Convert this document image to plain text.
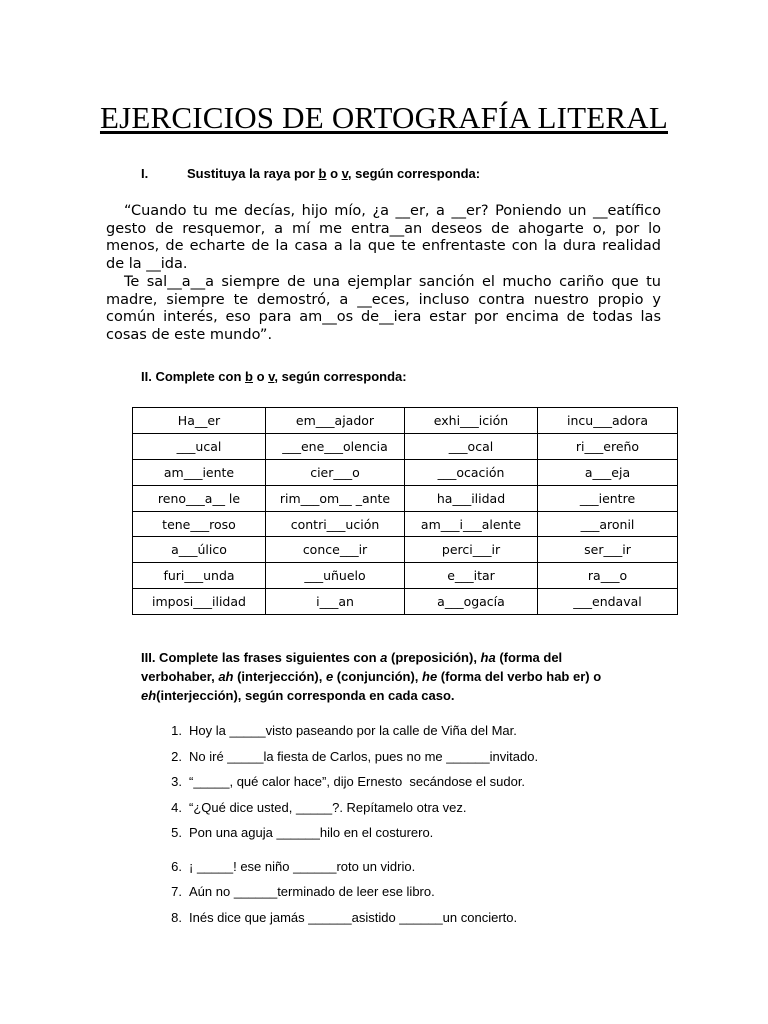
EJERCICIOS DE ORTOGRAFÍA LITERAL

I.	Sustituya la raya por b o v, según corresponda:

“Cuando tu me decías, hijo mío, ¿a __er, a __er? Poniendo un __eatífico gesto de resquemor, a mí me entra__an deseos de ahogarte o, por lo menos, de echarte de la casa a la que te enfrentaste con la dura realidad de la __ida.

Te sal__a__a siempre de una ejemplar sanción el mucho cariño que tu madre, siempre te demostró, a __eces, incluso contra nuestro propio y común interés, eso para am__os de__iera estar por encima de todas las cosas de este mundo”.

II. Complete con b o v, según corresponda:

Ha__er	em___ajador	exhi___ición	incu___adora
___ucal	___ene___olencia	___ocal	ri___ereño
am___iente	cier___o	___ocación	a___eja
reno___a__ le	rim___om__ _ante	ha___ilidad	___ientre
tene___roso	contri___ución	am___i___alente	___aronil
a___úlico	conce___ir	perci___ir	ser___ir
furi___unda	___uñuelo	e___itar	ra___o
imposi___ilidad	i___an	a___ogacía	___endaval

III. Complete las frases siguientes con a (preposición), ha (forma del verbohaber, ah (interjección), e (conjunción), he (forma del verbo hab er) o eh(interjección), según corresponda en cada caso.

1. Hoy la _____visto paseando por la calle de Viña del Mar.
2. No iré _____la fiesta de Carlos, pues no me ______invitado.
3. “_____, qué calor hace”, dijo Ernesto  secándose el sudor.
4. “¿Qué dice usted, _____?. Repítamelo otra vez.
5. Pon una aguja ______hilo en el costurero.
6. ¡ _____! ese niño ______roto un vidrio.
7. Aún no ______terminado de leer ese libro.
8. Inés dice que jamás ______asistido ______un concierto.
